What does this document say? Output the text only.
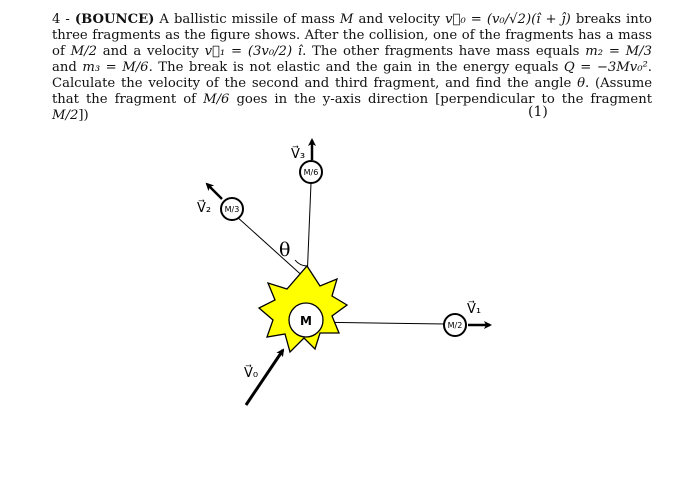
4 - (BOUNCE) A ballistic missile of mass M and velocity v⃗₀ = (v₀/√2)(î + ĵ) breaks into three fragments as the figure shows. After the collision, one of the fragments has a mass of M/2 and a velocity v⃗₁ = (3v₀/2) î. The other fragments have mass equals m₂ = M/3 and m₃ = M/6. The break is not elastic and the gain in the energy equals Q = −3Mv₀². Calculate the velocity of the second and third fragment, and find the angle θ. (Assume that the fragment of M/6 goes in the y-axis direction [perpendicular to the fragment M/2])	(1)
M
M/6
M/3
M/2
V⃗₃
V⃗₂
V⃗₁
V⃗₀
θ
